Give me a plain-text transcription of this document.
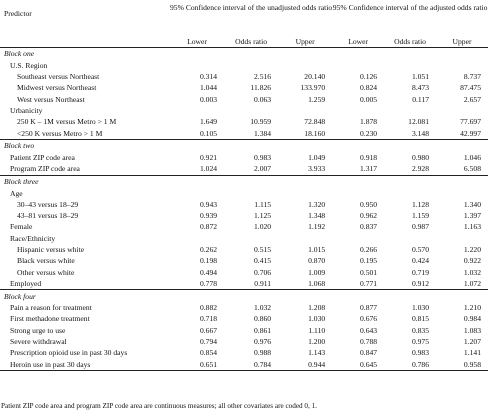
Predictor	95% Confidence interval of the unadjusted odds ratio			95% Confidence interval of the adjusted odds ratio		
	Lower	Odds ratio	Upper	Lower	Odds ratio	Upper
Block one						
U.S. Region						
Southeast versus Northeast	0.314	2.516	20.140	0.126	1.051	8.737
Midwest versus Northeast	1.044	11.826	133.970	0.824	8.473	87.475
West versus Northeast	0.003	0.063	1.259	0.005	0.117	2.657
Urbanicity						
250 K – 1M versus Metro > 1 M	1.649	10.959	72.848	1.878	12.081	77.697
<250 K versus Metro > 1 M	0.105	1.384	18.160	0.230	3.148	42.997
Block two						
Patient ZIP code area	0.921	0.983	1.049	0.918	0.980	1.046
Program ZIP code area	1.024	2.007	3.933	1.317	2.928	6.508
Block three						
Age						
30–43 versus 18–29	0.943	1.115	1.320	0.950	1.128	1.340
43–81 versus 18–29	0.939	1.125	1.348	0.962	1.159	1.397
Female	0.872	1.020	1.192	0.837	0.987	1.163
Race/Ethnicity						
Hispanic versus white	0.262	0.515	1.015	0.266	0.570	1.220
Black versus white	0.198	0.415	0.870	0.195	0.424	0.922
Other versus white	0.494	0.706	1.009	0.501	0.719	1.032
Employed	0.778	0.911	1.068	0.771	0.912	1.072
Block four						
Pain a reason for treatment	0.882	1.032	1.208	0.877	1.030	1.210
First methadone treatment	0.718	0.860	1.030	0.676	0.815	0.984
Strong urge to use	0.667	0.861	1.110	0.643	0.835	1.083
Severe withdrawal	0.794	0.976	1.200	0.788	0.975	1.207
Prescription opioid use in past 30 days	0.854	0.988	1.143	0.847	0.983	1.141
Heroin use in past 30 days	0.651	0.784	0.944	0.645	0.786	0.958
Patient ZIP code area and program ZIP code area are continuous measures; all other covariates are coded 0, 1.
